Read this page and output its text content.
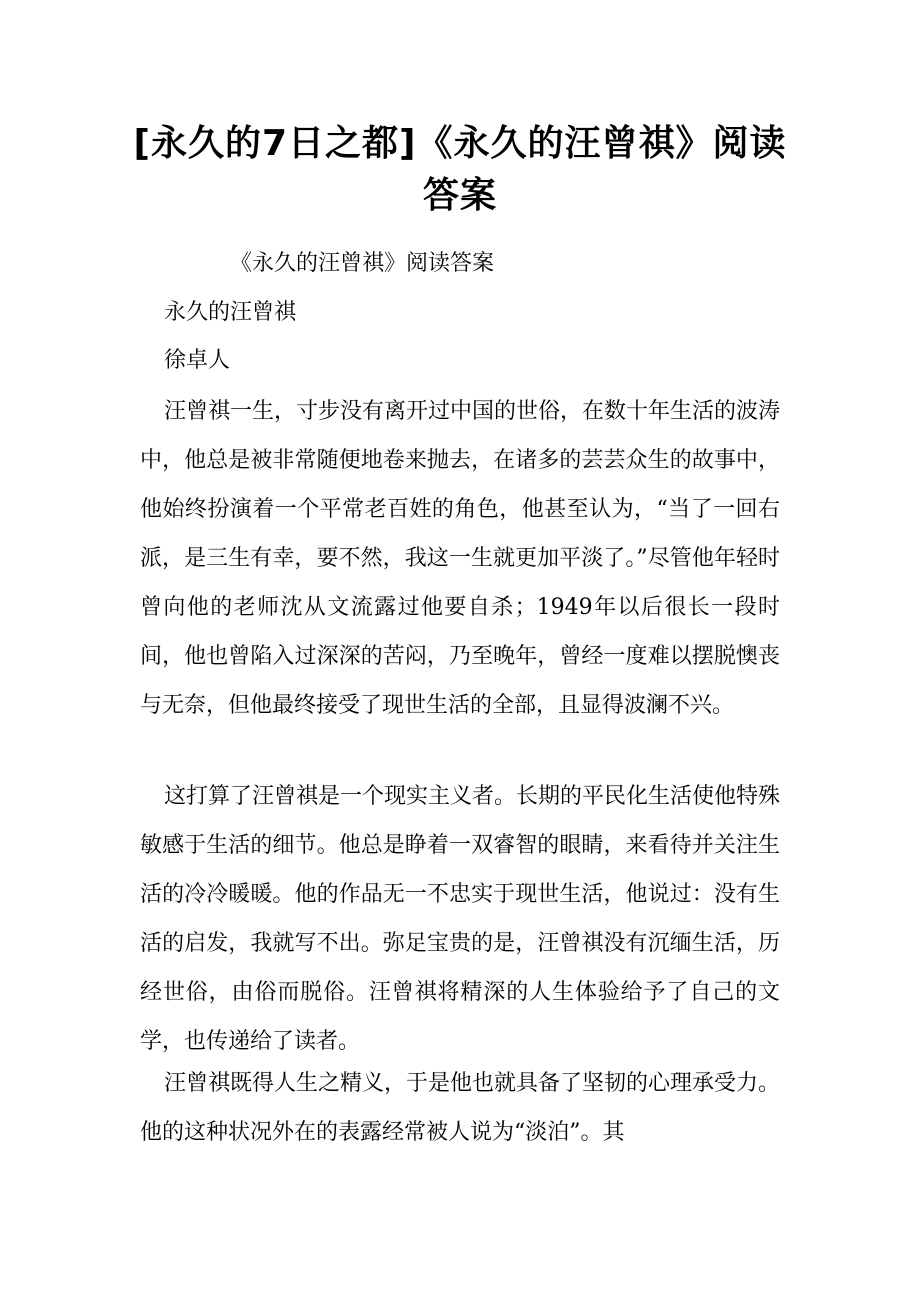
[永久的7日之都]《永久的汪曾祺》阅读答案

《永久的汪曾祺》阅读答案

永久的汪曾祺

徐卓人

汪曾祺一生，寸步没有离开过中国的世俗，在数十年生活的波涛中，他总是被非常随便地卷来抛去，在诸多的芸芸众生的故事中，他始终扮演着一个平常老百姓的角色，他甚至认为，“当了一回右派，是三生有幸，要不然，我这一生就更加平淡了。”尽管他年轻时曾向他的老师沈从文流露过他要自杀；1949年以后很长一段时间，他也曾陷入过深深的苦闷，乃至晚年，曾经一度难以摆脱懊丧与无奈，但他最终接受了现世生活的全部，且显得波澜不兴。

这打算了汪曾祺是一个现实主义者。长期的平民化生活使他特殊敏感于生活的细节。他总是睁着一双睿智的眼睛，来看待并关注生活的冷冷暖暖。他的作品无一不忠实于现世生活，他说过：没有生活的启发，我就写不出。弥足宝贵的是，汪曾祺没有沉缅生活，历经世俗，由俗而脱俗。汪曾祺将精深的人生体验给予了自己的文学，也传递给了读者。

汪曾祺既得人生之精义，于是他也就具备了坚韧的心理承受力。他的这种状况外在的表露经常被人说为“淡泊”。其
